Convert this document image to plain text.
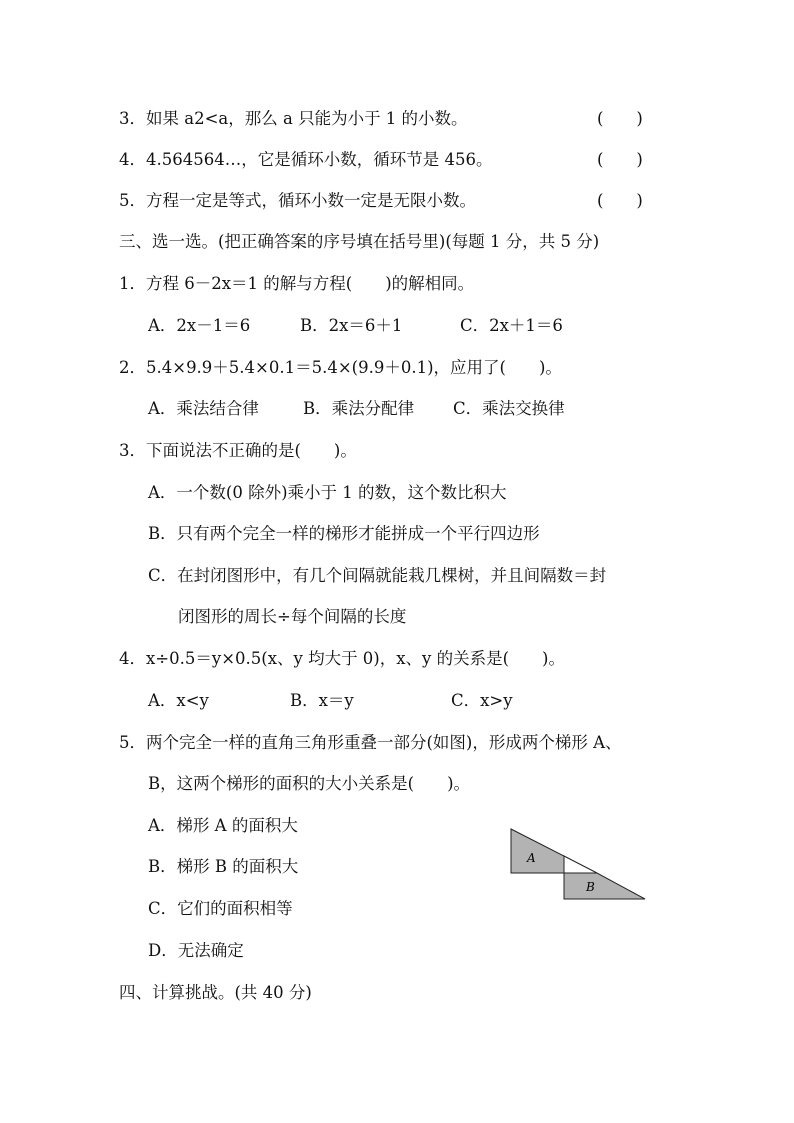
3．如果 a2<a，那么 a 只能为小于 1 的小数。	(　　)
4．4.564564…，它是循环小数，循环节是 456。	(　　)
5．方程一定是等式，循环小数一定是无限小数。	(　　)
三、选一选。(把正确答案的序号填在括号里)(每题 1 分，共 5 分)
1．方程 6－2x＝1 的解与方程(　　)的解相同。
A．2x－1＝6	B．2x＝6＋1	C．2x＋1＝6
2．5.4×9.9＋5.4×0.1＝5.4×(9.9＋0.1)，应用了(　　)。
A．乘法结合律	B．乘法分配律 C．乘法交换律
3．下面说法不正确的是(　　)。
A．一个数(0 除外)乘小于 1 的数，这个数比积大
B．只有两个完全一样的梯形才能拼成一个平行四边形
C．在封闭图形中，有几个间隔就能栽几棵树，并且间隔数＝封
闭图形的周长÷每个间隔的长度
4．x÷0.5＝y×0.5(x、y 均大于 0)，x、y 的关系是(　　)。
A．x<y	B．x＝y	C．x>y
5．两个完全一样的直角三角形重叠一部分(如图)，形成两个梯形 A、
B，这两个梯形的面积的大小关系是(　　)。
A．梯形 A 的面积大
B．梯形 B 的面积大
C．它们的面积相等
D．无法确定
A
B
四、计算挑战。(共 40 分)
